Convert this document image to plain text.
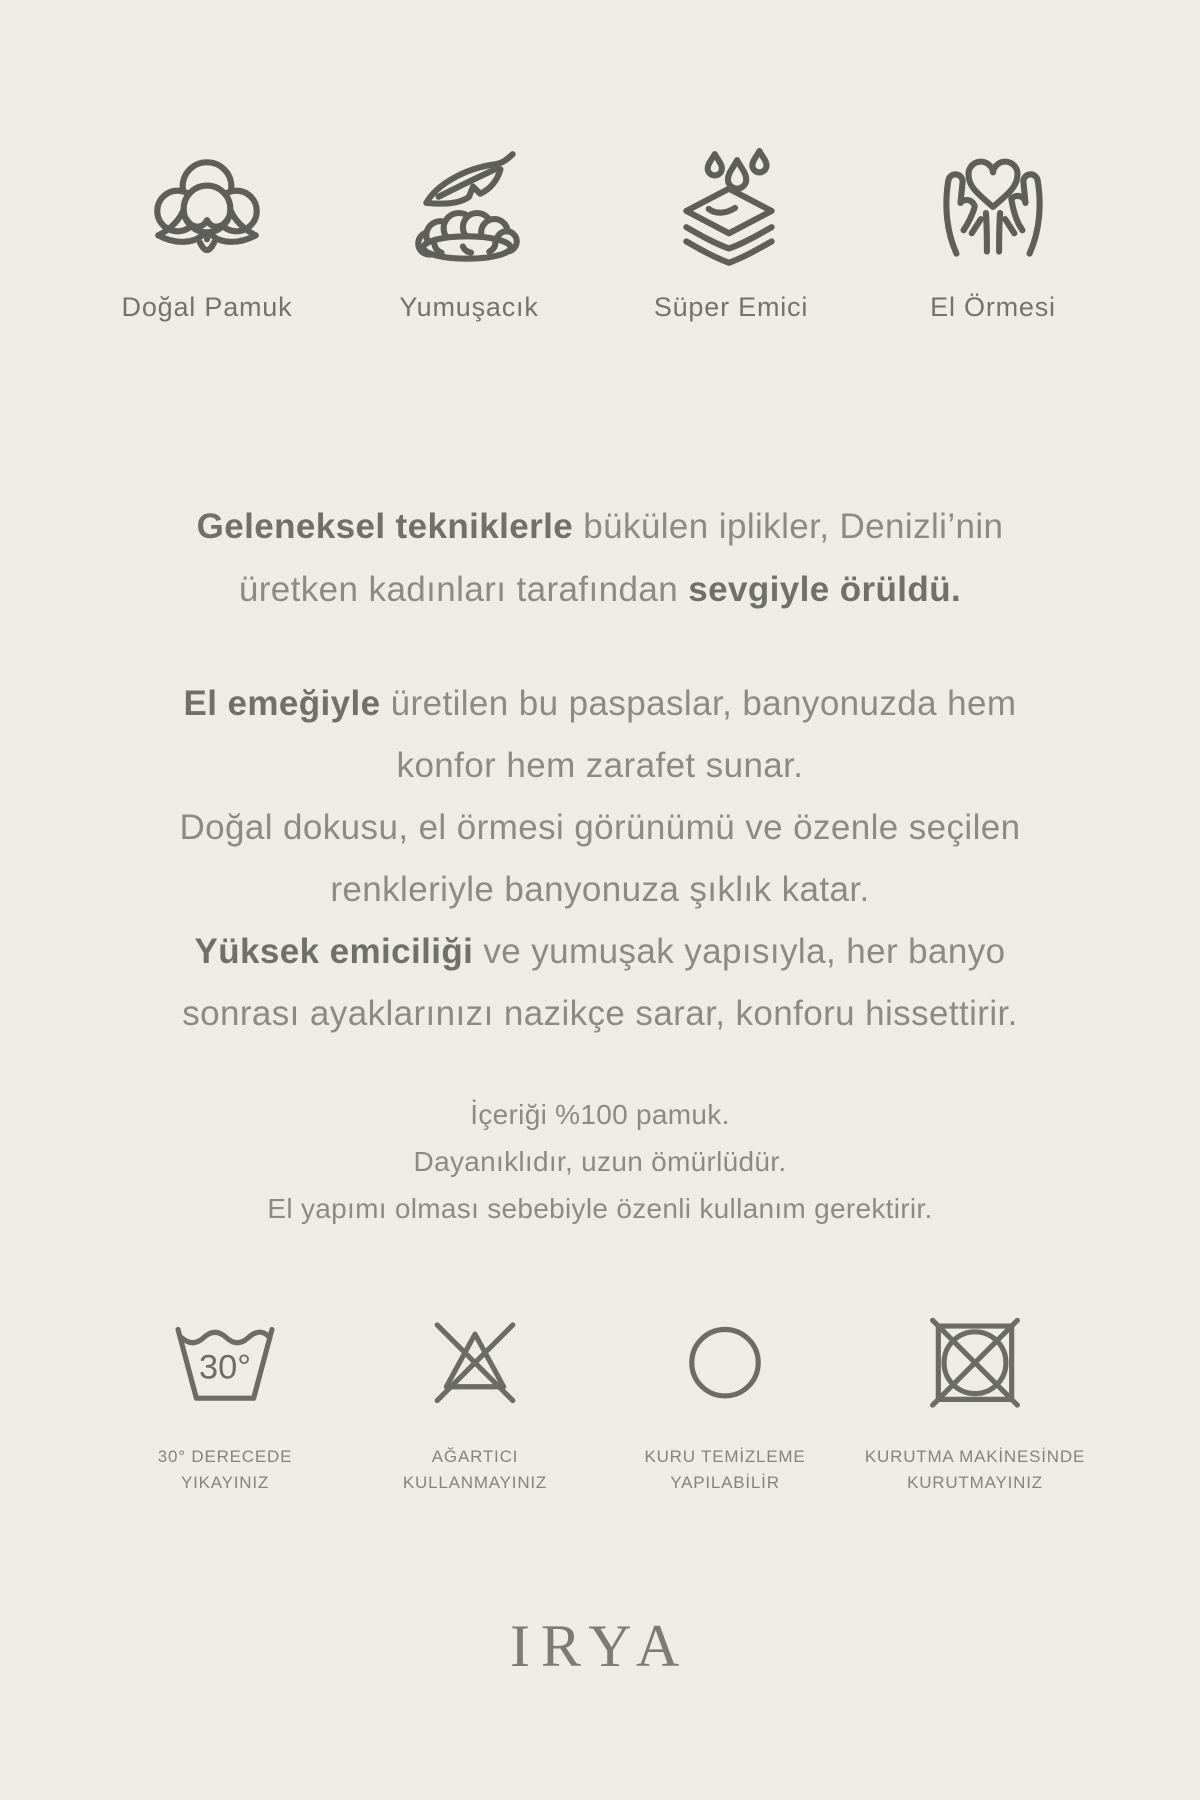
Doğal Pamuk	Yumuşacık	Süper Emici	El Örmesi
Geleneksel tekniklerle bükülen iplikler, Denizli’nin
üretken kadınları tarafından sevgiyle örüldü.
El emeğiyle üretilen bu paspaslar, banyonuzda hem
konfor hem zarafet sunar.
Doğal dokusu, el örmesi görünümü ve özenle seçilen
renkleriyle banyonuza şıklık katar.
Yüksek emiciliği ve yumuşak yapısıyla, her banyo
sonrası ayaklarınızı nazikçe sarar, konforu hissettirir.
İçeriği %100 pamuk.
Dayanıklıdır, uzun ömürlüdür.
El yapımı olması sebebiyle özenli kullanım gerektirir.
30°
30° DERECEDE
YIKAYINIZ
AĞARTICI
KULLANMAYINIZ
KURU TEMİZLEME
YAPILABİLİR
KURUTMA MAKİNESİNDE
KURUTMAYINIZ
IRYA
